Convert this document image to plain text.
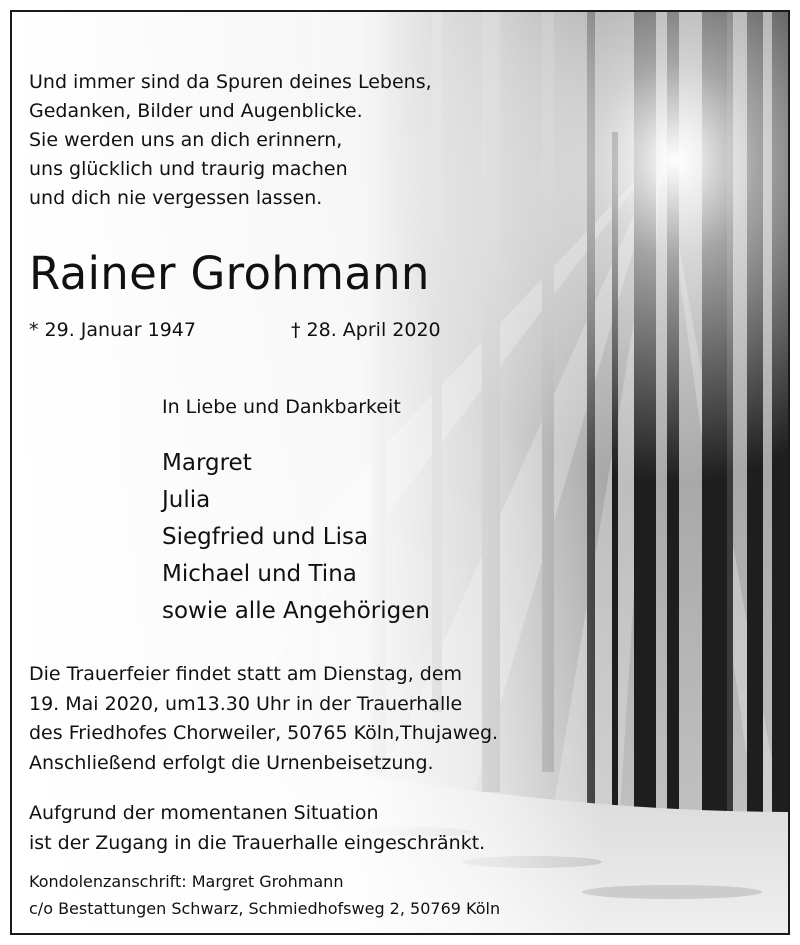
Und immer sind da Spuren deines Lebens,
Gedanken, Bilder und Augenblicke.
Sie werden uns an dich erinnern,
uns glücklich und traurig machen
und dich nie vergessen lassen.
Rainer Grohmann
* 29. Januar 1947	† 28. April 2020
In Liebe und Dankbarkeit
Margret
Julia
Siegfried und Lisa
Michael und Tina
sowie alle Angehörigen
Die Trauerfeier findet statt am Dienstag, dem
19. Mai 2020, um13.30 Uhr in der Trauerhalle
des Friedhofes Chorweiler, 50765 Köln,Thujaweg.
Anschließend erfolgt die Urnenbeisetzung.
Aufgrund der momentanen Situation
ist der Zugang in die Trauerhalle eingeschränkt.
Kondolenzanschrift: Margret Grohmann
c/o Bestattungen Schwarz, Schmiedhofsweg 2, 50769 Köln
